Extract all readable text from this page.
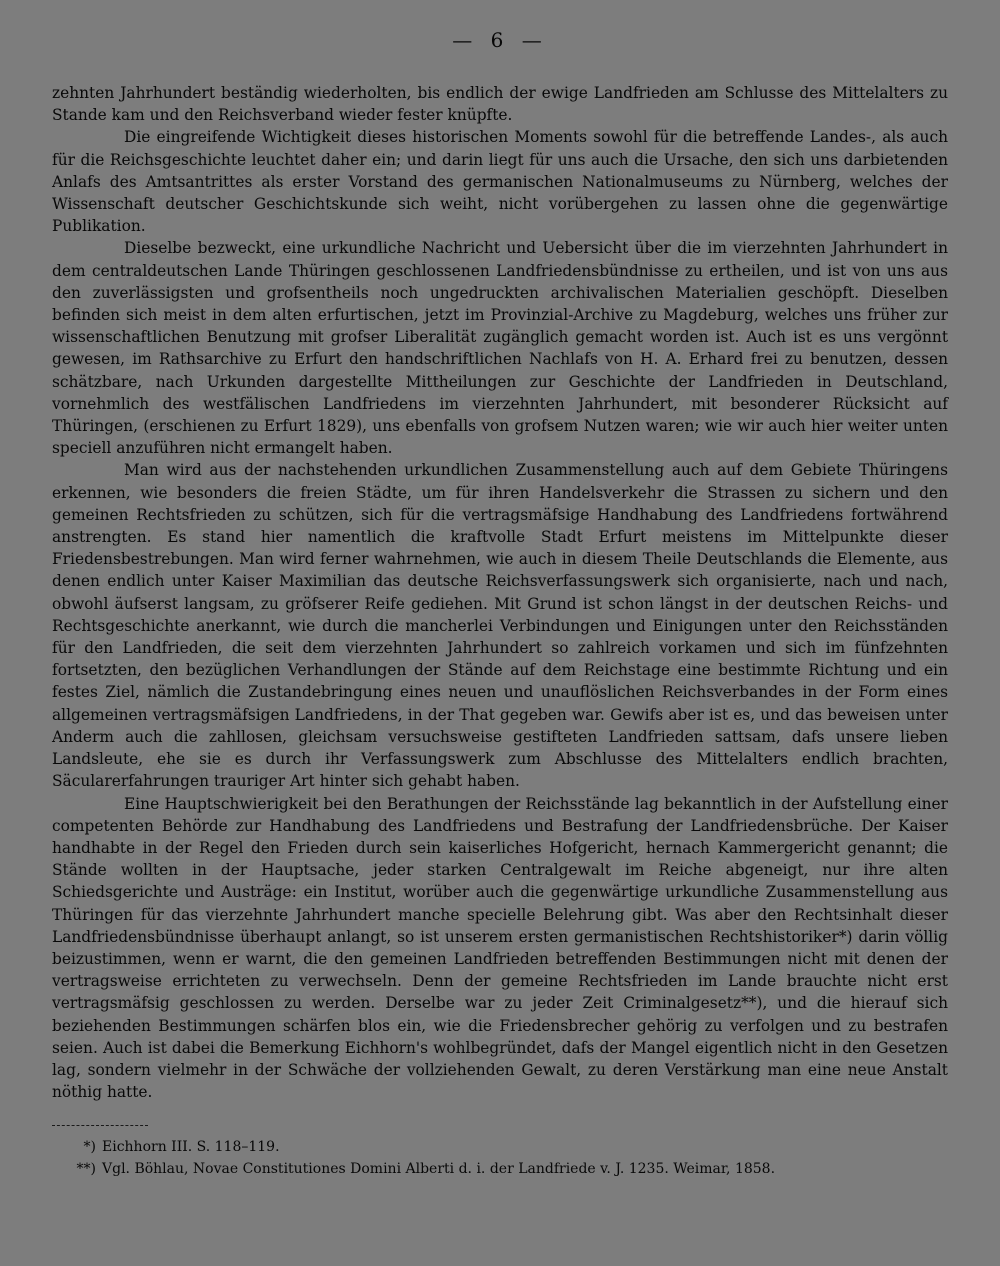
— 6 —

zehnten Jahrhundert beständig wiederholten, bis endlich der ewige Landfrieden am Schlusse des Mittelalters zu Stande kam und den Reichsverband wieder fester knüpfte.

Die eingreifende Wichtigkeit dieses historischen Moments sowohl für die betreffende Landes-, als auch für die Reichsgeschichte leuchtet daher ein; und darin liegt für uns auch die Ursache, den sich uns darbietenden Anlafs des Amtsantrittes als erster Vorstand des germanischen Nationalmuseums zu Nürnberg, welches der Wissenschaft deutscher Geschichtskunde sich weiht, nicht vorübergehen zu lassen ohne die gegenwärtige Publikation.

Dieselbe bezweckt, eine urkundliche Nachricht und Uebersicht über die im vierzehnten Jahrhundert in dem centraldeutschen Lande Thüringen geschlossenen Landfriedensbündnisse zu ertheilen, und ist von uns aus den zuverlässigsten und grofsentheils noch ungedruckten archivalischen Materialien geschöpft. Dieselben befinden sich meist in dem alten erfurtischen, jetzt im Provinzial-Archive zu Magdeburg, welches uns früher zur wissenschaftlichen Benutzung mit grofser Liberalität zugänglich gemacht worden ist. Auch ist es uns vergönnt gewesen, im Rathsarchive zu Erfurt den handschriftlichen Nachlafs von H. A. Erhard frei zu benutzen, dessen schätzbare, nach Urkunden dargestellte Mittheilungen zur Geschichte der Landfrieden in Deutschland, vornehmlich des westfälischen Landfriedens im vierzehnten Jahrhundert, mit besonderer Rücksicht auf Thüringen, (erschienen zu Erfurt 1829), uns ebenfalls von grofsem Nutzen waren; wie wir auch hier weiter unten speciell anzuführen nicht ermangelt haben.

Man wird aus der nachstehenden urkundlichen Zusammenstellung auch auf dem Gebiete Thüringens erkennen, wie besonders die freien Städte, um für ihren Handelsverkehr die Strassen zu sichern und den gemeinen Rechtsfrieden zu schützen, sich für die vertragsmäfsige Handhabung des Landfriedens fortwährend anstrengten. Es stand hier namentlich die kraftvolle Stadt Erfurt meistens im Mittelpunkte dieser Friedensbestrebungen. Man wird ferner wahrnehmen, wie auch in diesem Theile Deutschlands die Elemente, aus denen endlich unter Kaiser Maximilian das deutsche Reichsverfassungswerk sich organisierte, nach und nach, obwohl äufserst langsam, zu gröfserer Reife gediehen. Mit Grund ist schon längst in der deutschen Reichs- und Rechtsgeschichte anerkannt, wie durch die mancherlei Verbindungen und Einigungen unter den Reichsständen für den Landfrieden, die seit dem vierzehnten Jahrhundert so zahlreich vorkamen und sich im fünfzehnten fortsetzten, den bezüglichen Verhandlungen der Stände auf dem Reichstage eine bestimmte Richtung und ein festes Ziel, nämlich die Zustandebringung eines neuen und unauflöslichen Reichsverbandes in der Form eines allgemeinen vertragsmäfsigen Landfriedens, in der That gegeben war. Gewifs aber ist es, und das beweisen unter Anderm auch die zahllosen, gleichsam versuchsweise gestifteten Landfrieden sattsam, dafs unsere lieben Landsleute, ehe sie es durch ihr Verfassungswerk zum Abschlusse des Mittelalters endlich brachten, Säcularerfahrungen trauriger Art hinter sich gehabt haben.

Eine Hauptschwierigkeit bei den Berathungen der Reichsstände lag bekanntlich in der Aufstellung einer competenten Behörde zur Handhabung des Landfriedens und Bestrafung der Landfriedensbrüche. Der Kaiser handhabte in der Regel den Frieden durch sein kaiserliches Hofgericht, hernach Kammergericht genannt; die Stände wollten in der Hauptsache, jeder starken Centralgewalt im Reiche abgeneigt, nur ihre alten Schiedsgerichte und Austräge: ein Institut, worüber auch die gegenwärtige urkundliche Zusammenstellung aus Thüringen für das vierzehnte Jahrhundert manche specielle Belehrung gibt. Was aber den Rechtsinhalt dieser Landfriedensbündnisse überhaupt anlangt, so ist unserem ersten germanistischen Rechtshistoriker*) darin völlig beizustimmen, wenn er warnt, die den gemeinen Landfrieden betreffenden Bestimmungen nicht mit denen der vertragsweise errichteten zu verwechseln. Denn der gemeine Rechtsfrieden im Lande brauchte nicht erst vertragsmäfsig geschlossen zu werden. Derselbe war zu jeder Zeit Criminalgesetz**), und die hierauf sich beziehenden Bestimmungen schärfen blos ein, wie die Friedensbrecher gehörig zu verfolgen und zu bestrafen seien. Auch ist dabei die Bemerkung Eichhorn's wohlbegründet, dafs der Mangel eigentlich nicht in den Gesetzen lag, sondern vielmehr in der Schwäche der vollziehenden Gewalt, zu deren Verstärkung man eine neue Anstalt nöthig hatte.

*) Eichhorn III. S. 118–119.
**) Vgl. Böhlau, Novae Constitutiones Domini Alberti d. i. der Landfriede v. J. 1235. Weimar, 1858.
